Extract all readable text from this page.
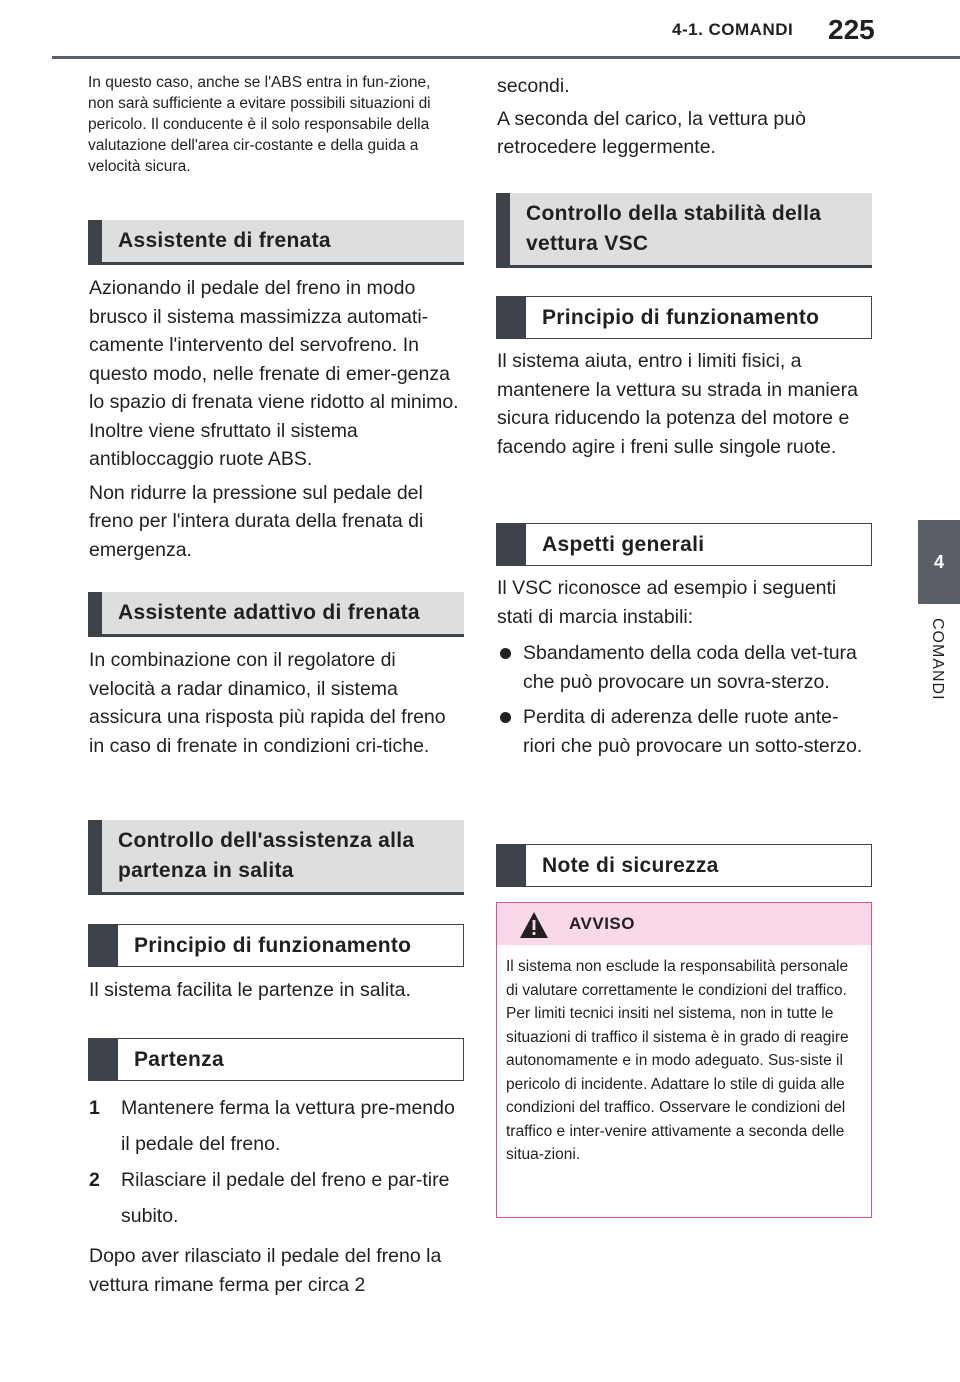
4-1. COMANDI 225
4
COMANDI

In questo caso, anche se l'ABS entra in fun-zione, non sarà sufficiente a evitare possibili situazioni di pericolo. Il conducente è il solo responsabile della valutazione dell'area cir-costante e della guida a velocità sicura.

Assistente di frenata

Azionando il pedale del freno in modo brusco il sistema massimizza automati-camente l'intervento del servofreno. In questo modo, nelle frenate di emer-genza lo spazio di frenata viene ridotto al minimo. Inoltre viene sfruttato il sistema antibloccaggio ruote ABS.

Non ridurre la pressione sul pedale del freno per l'intera durata della frenata di emergenza.

Assistente adattivo di frenata

In combinazione con il regolatore di velocità a radar dinamico, il sistema assicura una risposta più rapida del freno in caso di frenate in condizioni cri-tiche.

Controllo dell'assistenza alla partenza in salita
Principio di funzionamento

Il sistema facilita le partenze in salita.

Partenza
1	Mantenere ferma la vettura pre-mendo il pedale del freno.
2	Rilasciare il pedale del freno e par-tire subito.

Dopo aver rilasciato il pedale del freno la vettura rimane ferma per circa 2

secondi.

A seconda del carico, la vettura può retrocedere leggermente.

Controllo della stabilità della vettura VSC
Principio di funzionamento

Il sistema aiuta, entro i limiti fisici, a mantenere la vettura su strada in maniera sicura riducendo la potenza del motore e facendo agire i freni sulle singole ruote.

Aspetti generali

Il VSC riconosce ad esempio i seguenti stati di marcia instabili:

Sbandamento della coda della vet-tura che può provocare un sovra-sterzo.
Perdita di aderenza delle ruote ante-riori che può provocare un sotto-sterzo.
Note di sicurezza
AVVISO

Il sistema non esclude la responsabilità personale di valutare correttamente le condizioni del traffico. Per limiti tecnici insiti nel sistema, non in tutte le situazioni di traffico il sistema è in grado di reagire autonomamente e in modo adeguato. Sus-siste il pericolo di incidente. Adattare lo stile di guida alle condizioni del traffico. Osservare le condizioni del traffico e inter-venire attivamente a seconda delle situa-zioni.
